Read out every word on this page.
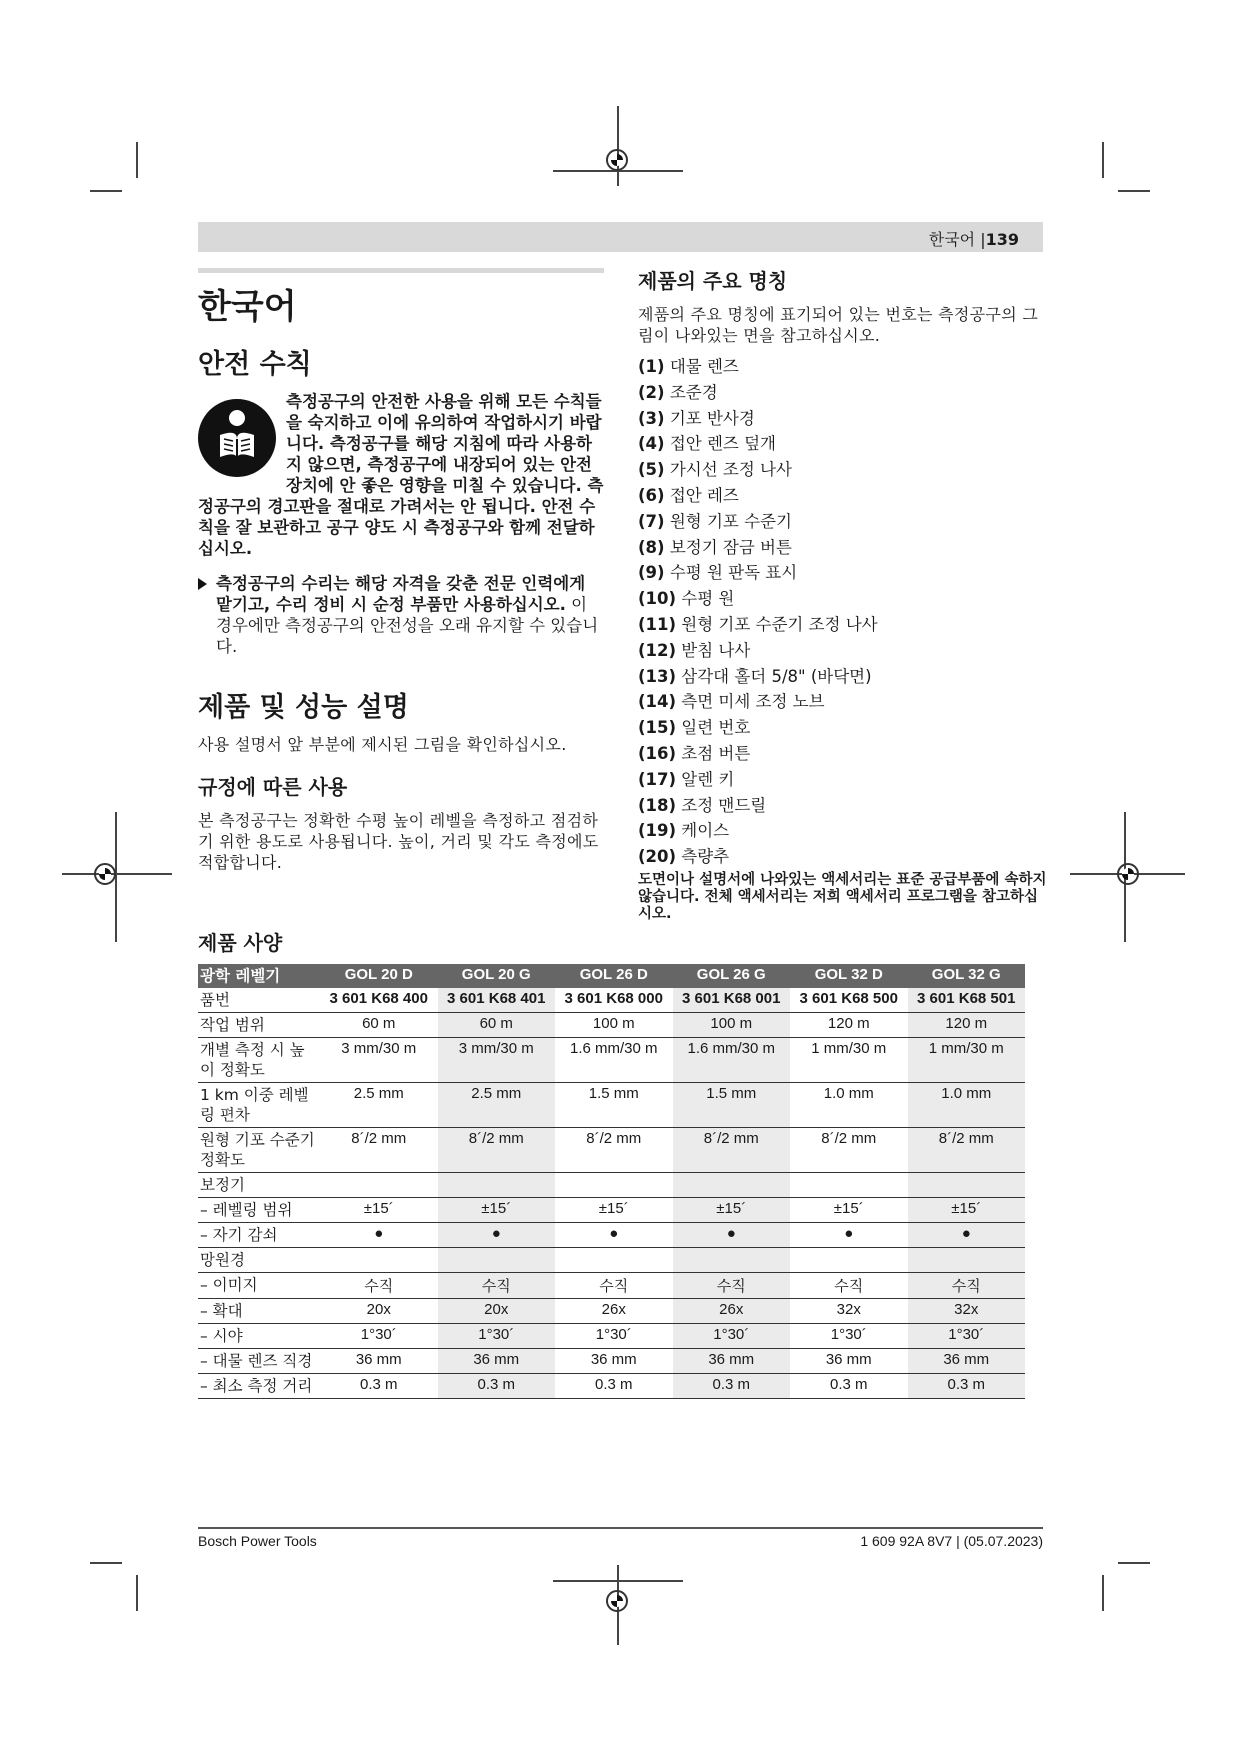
한국어 |139
한국어
안전 수칙
측정공구의 안전한 사용을 위해 모든 수칙들을 숙지하고 이에 유의하여 작업하시기 바랍니다. 측정공구를 해당 지침에 따라 사용하지 않으면, 측정공구에 내장되어 있는 안전장치에 안 좋은 영향을 미칠 수 있습니다. 측정공구의 경고판을 절대로 가려서는 안 됩니다. 안전 수칙을 잘 보관하고 공구 양도 시 측정공구와 함께 전달하십시오.
측정공구의 수리는 해당 자격을 갖춘 전문 인력에게 맡기고, 수리 정비 시 순정 부품만 사용하십시오. 이 경우에만 측정공구의 안전성을 오래 유지할 수 있습니다.
제품 및 성능 설명

사용 설명서 앞 부분에 제시된 그림을 확인하십시오.

규정에 따른 사용

본 측정공구는 정확한 수평 높이 레벨을 측정하고 점검하기 위한 용도로 사용됩니다. 높이, 거리 및 각도 측정에도 적합합니다.

제품의 주요 명칭

제품의 주요 명칭에 표기되어 있는 번호는 측정공구의 그림이 나와있는 면을 참고하십시오.

(1) 대물 렌즈
(2) 조준경
(3) 기포 반사경
(4) 접안 렌즈 덮개
(5) 가시선 조정 나사
(6) 접안 레즈
(7) 원형 기포 수준기
(8) 보정기 잠금 버튼
(9) 수평 원 판독 표시
(10) 수평 원
(11) 원형 기포 수준기 조정 나사
(12) 받침 나사
(13) 삼각대 홀더 5/8" (바닥면)
(14) 측면 미세 조정 노브
(15) 일련 번호
(16) 초점 버튼
(17) 알렌 키
(18) 조정 맨드릴
(19) 케이스
(20) 측량추

도면이나 설명서에 나와있는 액세서리는 표준 공급부품에 속하지 않습니다. 전체 액세서리는 저희 액세서리 프로그램을 참고하십시오.

제품 사양
광학 레벨기	GOL 20 D	GOL 20 G	GOL 26 D	GOL 26 G	GOL 32 D	GOL 32 G
품번	3 601 K68 400	3 601 K68 401	3 601 K68 000	3 601 K68 001	3 601 K68 500	3 601 K68 501
작업 범위	60 m	60 m	100 m	100 m	120 m	120 m
개별 측정 시 높이 정확도	3 mm/30 m	3 mm/30 m	1.6 mm/30 m	1.6 mm/30 m	1 mm/30 m	1 mm/30 m
1 km 이중 레벨링 편차	2.5 mm	2.5 mm	1.5 mm	1.5 mm	1.0 mm	1.0 mm
원형 기포 수준기 정확도	8´/2 mm	8´/2 mm	8´/2 mm	8´/2 mm	8´/2 mm	8´/2 mm
보정기						
– 레벨링 범위	±15´	±15´	±15´	±15´	±15´	±15´
– 자기 감쇠	●	●	●	●	●	●
망원경						
– 이미지	수직	수직	수직	수직	수직	수직
– 확대	20x	20x	26x	26x	32x	32x
– 시야	1°30´	1°30´	1°30´	1°30´	1°30´	1°30´
– 대물 렌즈 직경	36 mm	36 mm	36 mm	36 mm	36 mm	36 mm
– 최소 측정 거리	0.3 m	0.3 m	0.3 m	0.3 m	0.3 m	0.3 m
Bosch Power Tools	1 609 92A 8V7 | (05.07.2023)
